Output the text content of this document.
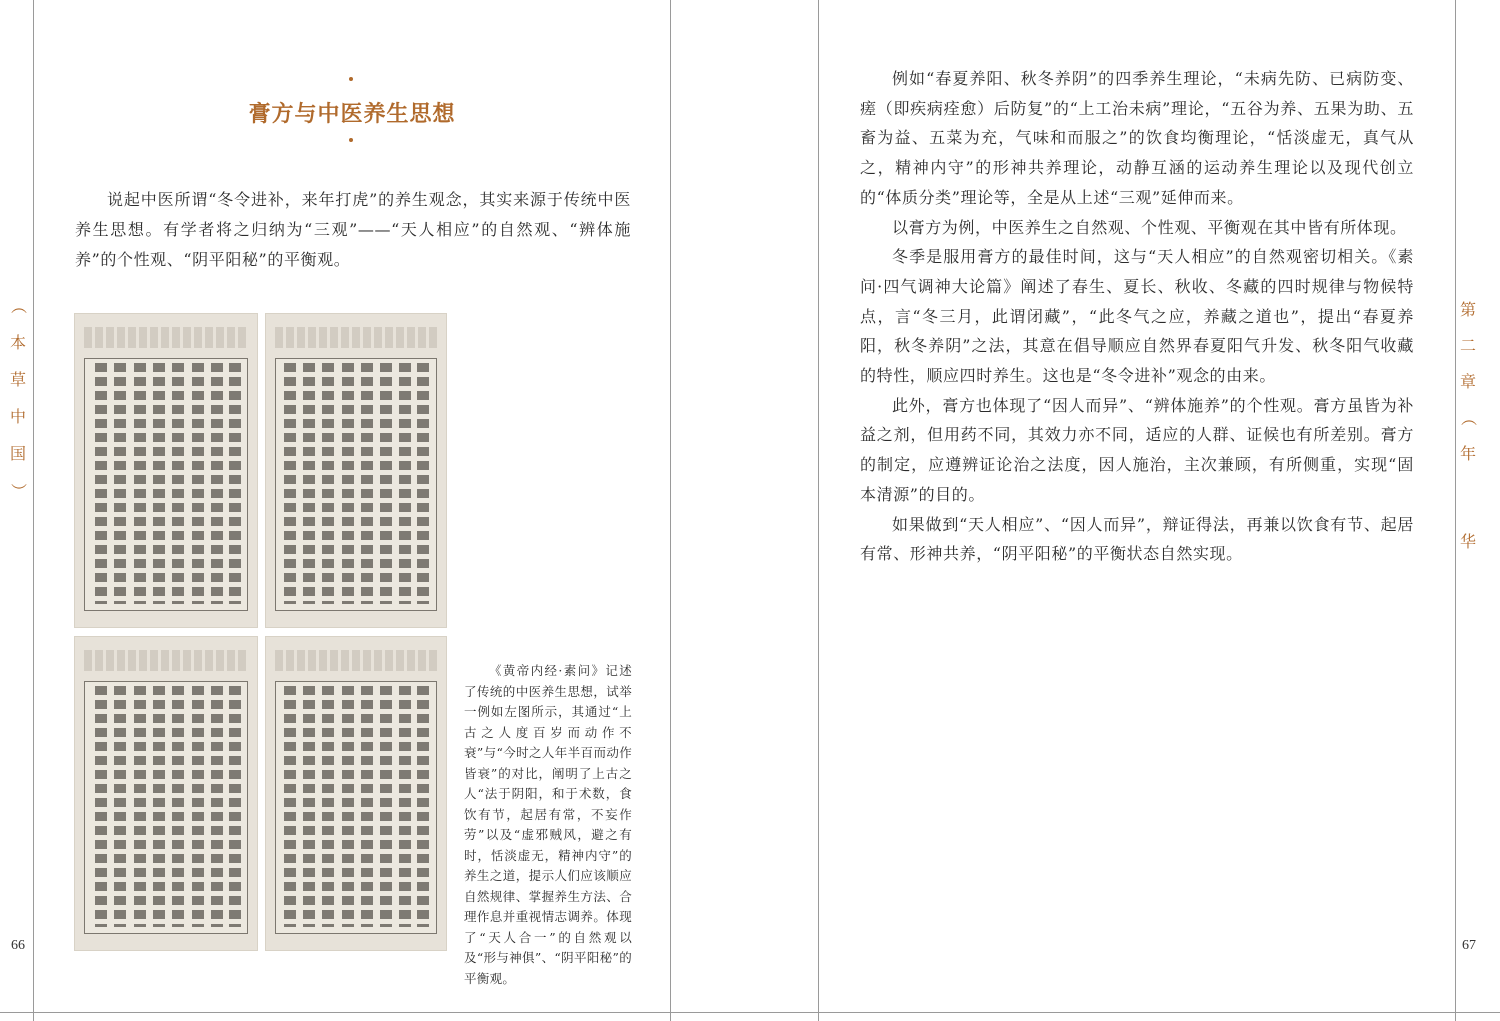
（
本
草
中
国
）
66
第
二
章
（
年
华
67
膏方与中医养生思想

说起中医所谓“冬令进补，来年打虎”的养生观念，其实来源于传统中医养生思想。有学者将之归纳为“三观”——“天人相应”的自然观、“辨体施养”的个性观、“阴平阳秘”的平衡观。

《黄帝内经·素问》记述了传统的中医养生思想，试举一例如左图所示，其通过“上古之人度百岁而动作不衰”与“今时之人年半百而动作皆衰”的对比，阐明了上古之人“法于阴阳，和于术数，食饮有节，起居有常，不妄作劳”以及“虚邪贼风，避之有时，恬淡虚无，精神内守”的养生之道，提示人们应该顺应自然规律、掌握养生方法、合理作息并重视情志调养。体现了“天人合一”的自然观以及“形与神俱”、“阴平阳秘”的平衡观。

例如“春夏养阳、秋冬养阴”的四季养生理论，“未病先防、已病防变、瘥（即疾病痊愈）后防复”的“上工治未病”理论，“五谷为养、五果为助、五畜为益、五菜为充，气味和而服之”的饮食均衡理论，“恬淡虚无，真气从之，精神内守”的形神共养理论，动静互涵的运动养生理论以及现代创立的“体质分类”理论等，全是从上述“三观”延伸而来。

以膏方为例，中医养生之自然观、个性观、平衡观在其中皆有所体现。

冬季是服用膏方的最佳时间，这与“天人相应”的自然观密切相关。《素问·四气调神大论篇》阐述了春生、夏长、秋收、冬藏的四时规律与物候特点，言“冬三月，此谓闭藏”，“此冬气之应，养藏之道也”，提出“春夏养阳，秋冬养阴”之法，其意在倡导顺应自然界春夏阳气升发、秋冬阳气收藏的特性，顺应四时养生。这也是“冬令进补”观念的由来。

此外，膏方也体现了“因人而异”、“辨体施养”的个性观。膏方虽皆为补益之剂，但用药不同，其效力亦不同，适应的人群、证候也有所差别。膏方的制定，应遵辨证论治之法度，因人施治，主次兼顾，有所侧重，实现“固本清源”的目的。

如果做到“天人相应”、“因人而异”，辩证得法，再兼以饮食有节、起居有常、形神共养，“阴平阳秘”的平衡状态自然实现。
